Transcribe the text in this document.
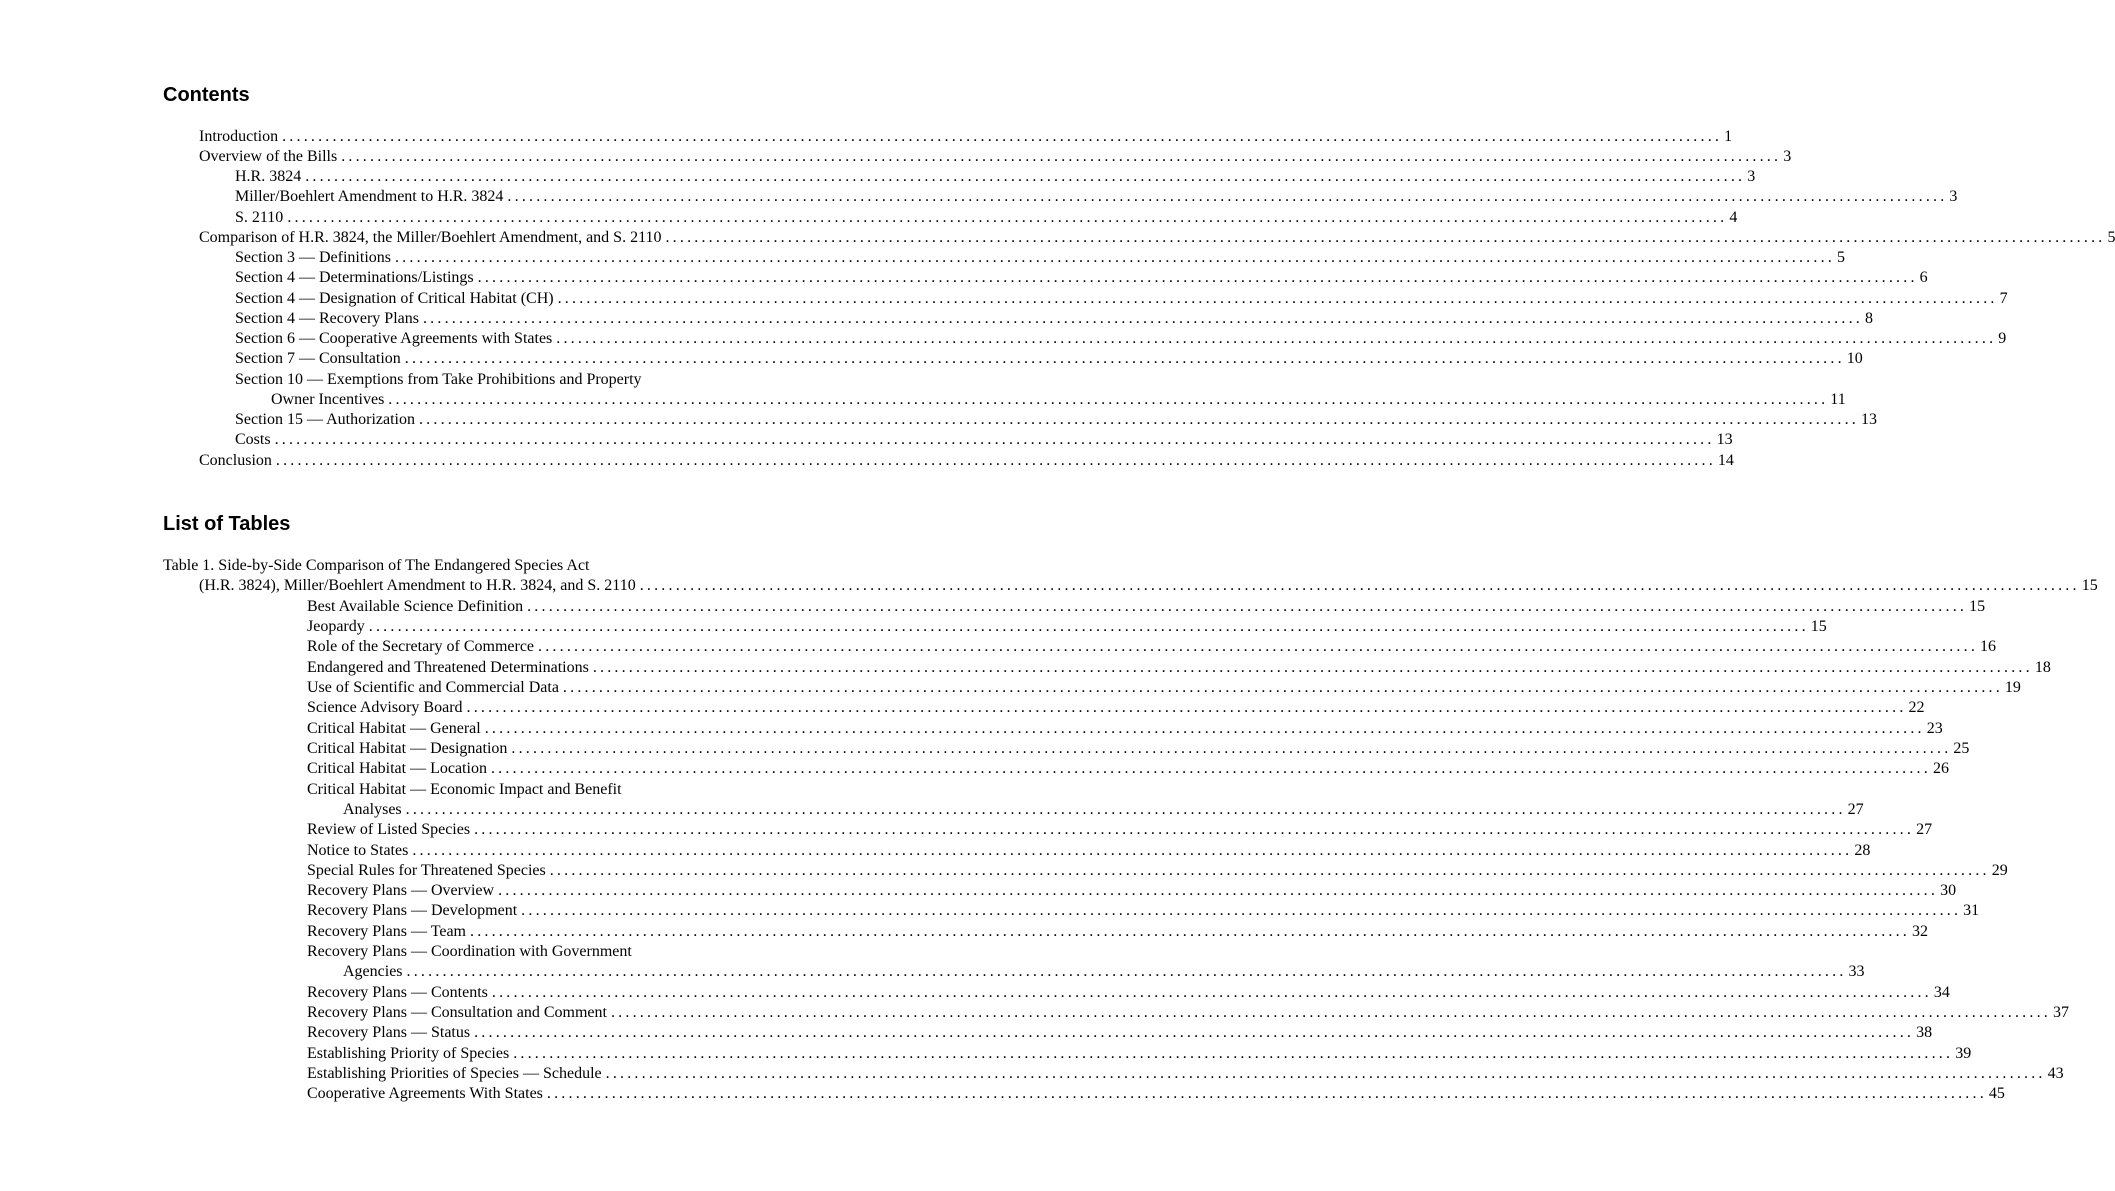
Contents
Introduction ........................................................................................................................................................................................................ 1
Overview of the Bills ........................................................................................................................................................................................................ 3
H.R. 3824 ........................................................................................................................................................................................................ 3
Miller/Boehlert Amendment to H.R. 3824 ........................................................................................................................................................................................................ 3
S. 2110 ........................................................................................................................................................................................................ 4
Comparison of H.R. 3824, the Miller/Boehlert Amendment, and S. 2110 ........................................................................................................................................................................................................ 5
Section 3 — Definitions ........................................................................................................................................................................................................ 5
Section 4 — Determinations/Listings ........................................................................................................................................................................................................ 6
Section 4 — Designation of Critical Habitat (CH) ........................................................................................................................................................................................................ 7
Section 4 — Recovery Plans ........................................................................................................................................................................................................ 8
Section 6 — Cooperative Agreements with States ........................................................................................................................................................................................................ 9
Section 7 — Consultation ........................................................................................................................................................................................................ 10
Section 10 — Exemptions from Take Prohibitions and Property
Owner Incentives ........................................................................................................................................................................................................ 11
Section 15 — Authorization ........................................................................................................................................................................................................ 13
Costs ........................................................................................................................................................................................................ 13
Conclusion ........................................................................................................................................................................................................ 14
List of Tables
Table 1. Side-by-Side Comparison of The Endangered Species Act
(H.R. 3824), Miller/Boehlert Amendment to H.R. 3824, and S. 2110 ........................................................................................................................................................................................................ 15
Best Available Science Definition ........................................................................................................................................................................................................ 15
Jeopardy ........................................................................................................................................................................................................ 15
Role of the Secretary of Commerce ........................................................................................................................................................................................................ 16
Endangered and Threatened Determinations ........................................................................................................................................................................................................ 18
Use of Scientific and Commercial Data ........................................................................................................................................................................................................ 19
Science Advisory Board ........................................................................................................................................................................................................ 22
Critical Habitat — General ........................................................................................................................................................................................................ 23
Critical Habitat — Designation ........................................................................................................................................................................................................ 25
Critical Habitat — Location ........................................................................................................................................................................................................ 26
Critical Habitat — Economic Impact and Benefit
Analyses ........................................................................................................................................................................................................ 27
Review of Listed Species ........................................................................................................................................................................................................ 27
Notice to States ........................................................................................................................................................................................................ 28
Special Rules for Threatened Species ........................................................................................................................................................................................................ 29
Recovery Plans — Overview ........................................................................................................................................................................................................ 30
Recovery Plans — Development ........................................................................................................................................................................................................ 31
Recovery Plans — Team ........................................................................................................................................................................................................ 32
Recovery Plans — Coordination with Government
Agencies ........................................................................................................................................................................................................ 33
Recovery Plans — Contents ........................................................................................................................................................................................................ 34
Recovery Plans — Consultation and Comment ........................................................................................................................................................................................................ 37
Recovery Plans — Status ........................................................................................................................................................................................................ 38
Establishing Priority of Species ........................................................................................................................................................................................................ 39
Establishing Priorities of Species — Schedule ........................................................................................................................................................................................................ 43
Cooperative Agreements With States ........................................................................................................................................................................................................ 45
